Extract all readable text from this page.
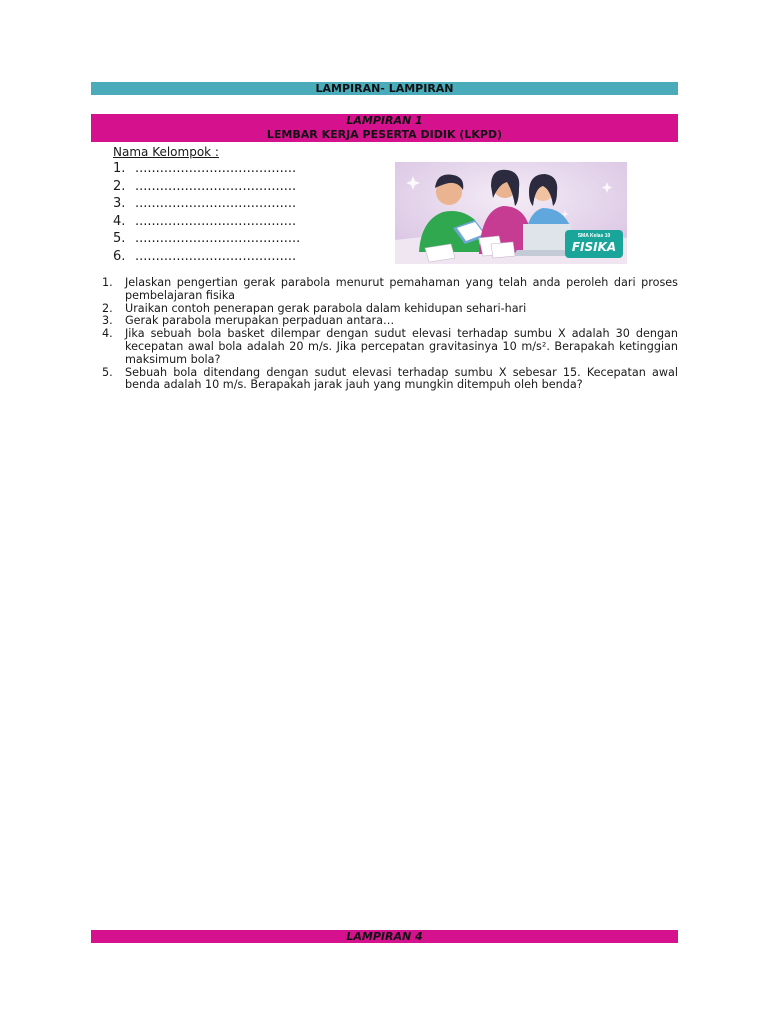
LAMPIRAN- LAMPIRAN
LAMPIRAN 1
LEMBAR KERJA PESERTA DIDIK (LKPD)
Nama Kelompok :
1. .......................................
2. .......................................
3. .......................................
4. .......................................
5. ........................................
6. .......................................
SMA Kelas 10
FISIKA
1. Jelaskan pengertian gerak parabola menurut pemahaman yang telah anda peroleh dari proses pembelajaran fisika
2. Uraikan contoh penerapan gerak parabola dalam kehidupan sehari-hari
3. Gerak parabola merupakan perpaduan antara…
4. Jika sebuah bola basket dilempar dengan sudut elevasi terhadap sumbu X adalah 30 dengan kecepatan awal bola adalah 20 m/s. Jika percepatan gravitasinya 10 m/s². Berapakah ketinggian maksimum bola?
5. Sebuah bola ditendang dengan sudut elevasi terhadap sumbu X sebesar 15. Kecepatan awal benda adalah 10 m/s. Berapakah jarak jauh yang mungkin ditempuh oleh benda?
LAMPIRAN 4
